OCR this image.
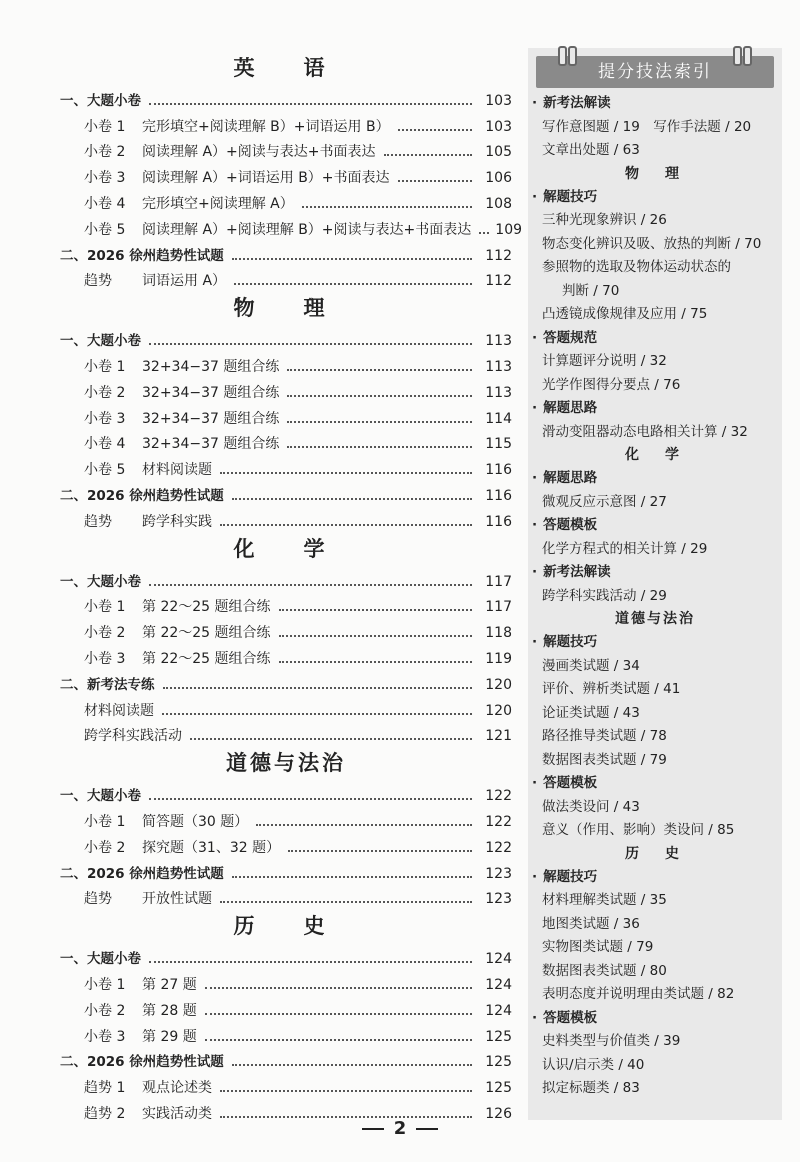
英　语
一、大题小卷	103
小卷 1 完形填空+阅读理解 B）+词语运用 B）	103
小卷 2 阅读理解 A）+阅读与表达+书面表达	105
小卷 3 阅读理解 A）+词语运用 B）+书面表达	106
小卷 4 完形填空+阅读理解 A）	108
小卷 5 阅读理解 A）+阅读理解 B）+阅读与表达+书面表达 109
二、2026 徐州趋势性试题	112
趋势 词语运用 A）	112
物　理
一、大题小卷	113
小卷 1 32+34−37 题组合练	113
小卷 2 32+34−37 题组合练	113
小卷 3 32+34−37 题组合练	114
小卷 4 32+34−37 题组合练	115
小卷 5 材料阅读题	116
二、2026 徐州趋势性试题	116
趋势 跨学科实践	116
化　学
一、大题小卷	117
小卷 1 第 22～25 题组合练	117
小卷 2 第 22～25 题组合练	118
小卷 3 第 22～25 题组合练	119
二、新考法专练	120
材料阅读题	120
跨学科实践活动	121
道德与法治
一、大题小卷	122
小卷 1 简答题（30 题）	122
小卷 2 探究题（31、32 题）	122
二、2026 徐州趋势性试题	123
趋势 开放性试题	123
历　史
一、大题小卷	124
小卷 1 第 27 题	124
小卷 2 第 28 题	124
小卷 3 第 29 题	125
二、2026 徐州趋势性试题	125
趋势 1 观点论述类	125
趋势 2 实践活动类	126
提分技法索引
· 新考法解读
写作意图题 / 19　写作手法题 / 20
文章出处题 / 63
物　理
· 解题技巧
三种光现象辨识 / 26
物态变化辨识及吸、放热的判断 / 70
参照物的选取及物体运动状态的
判断 / 70
凸透镜成像规律及应用 / 75
· 答题规范
计算题评分说明 / 32
光学作图得分要点 / 76
· 解题思路
滑动变阻器动态电路相关计算 / 32
化　学
· 解题思路
微观反应示意图 / 27
· 答题模板
化学方程式的相关计算 / 29
· 新考法解读
跨学科实践活动 / 29
道德与法治
· 解题技巧
漫画类试题 / 34
评价、辨析类试题 / 41
论证类试题 / 43
路径推导类试题 / 78
数据图表类试题 / 79
· 答题模板
做法类设问 / 43
意义（作用、影响）类设问 / 85
历　史
· 解题技巧
材料理解类试题 / 35
地图类试题 / 36
实物图类试题 / 79
数据图表类试题 / 80
表明态度并说明理由类试题 / 82
· 答题模板
史料类型与价值类 / 39
认识/启示类 / 40
拟定标题类 / 83
2
